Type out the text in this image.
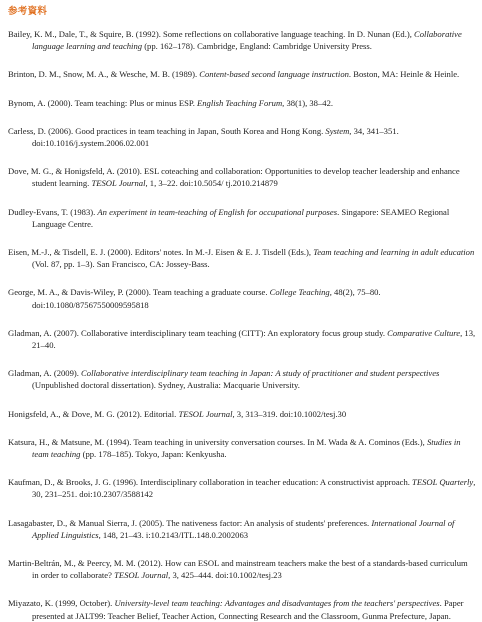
参考資料
Bailey, K. M., Dale, T., & Squire, B. (1992). Some reflections on collaborative language teaching. In D. Nunan (Ed.), Collaborative language learning and teaching (pp. 162–178). Cambridge, England: Cambridge University Press.
Brinton, D. M., Snow, M. A., & Wesche, M. B. (1989). Content-based second language instruction. Boston, MA: Heinle & Heinle.
Bynom, A. (2000). Team teaching: Plus or minus ESP. English Teaching Forum, 38(1), 38–42.
Carless, D. (2006). Good practices in team teaching in Japan, South Korea and Hong Kong. System, 34, 341–351. doi:10.1016/j.system.2006.02.001
Dove, M. G., & Honigsfeld, A. (2010). ESL coteaching and collaboration: Opportunities to develop teacher leadership and enhance student learning. TESOL Journal, 1, 3–22. doi:10.5054/ tj.2010.214879
Dudley-Evans, T. (1983). An experiment in team-teaching of English for occupational purposes. Singapore: SEAMEO Regional Language Centre.
Eisen, M.-J., & Tisdell, E. J. (2000). Editors' notes. In M.-J. Eisen & E. J. Tisdell (Eds.), Team teaching and learning in adult education (Vol. 87, pp. 1–3). San Francisco, CA: Jossey-Bass.
George, M. A., & Davis-Wiley, P. (2000). Team teaching a graduate course. College Teaching, 48(2), 75–80. doi:10.1080/87567550009595818
Gladman, A. (2007). Collaborative interdisciplinary team teaching (CITT): An exploratory focus group study. Comparative Culture, 13, 21–40.
Gladman, A. (2009). Collaborative interdisciplinary team teaching in Japan: A study of practitioner and student perspectives (Unpublished doctoral dissertation). Sydney, Australia: Macquarie University.
Honigsfeld, A., & Dove, M. G. (2012). Editorial. TESOL Journal, 3, 313–319. doi:10.1002/tesj.30
Katsura, H., & Matsune, M. (1994). Team teaching in university conversation courses. In M. Wada & A. Cominos (Eds.), Studies in team teaching (pp. 178–185). Tokyo, Japan: Kenkyusha.
Kaufman, D., & Brooks, J. G. (1996). Interdisciplinary collaboration in teacher education: A constructivist approach. TESOL Quarterly, 30, 231–251. doi:10.2307/3588142
Lasagabaster, D., & Manual Sierra, J. (2005). The nativeness factor: An analysis of students' preferences. International Journal of Applied Linguistics, 148, 21–43. i:10.2143/ITL.148.0.2002063
Martin-Beltrán, M., & Peercy, M. M. (2012). How can ESOL and mainstream teachers make the best of a standards-based curriculum in order to collaborate? TESOL Journal, 3, 425–444. doi:10.1002/tesj.23
Miyazato, K. (1999, October). University-level team teaching: Advantages and disadvantages from the teachers' perspectives. Paper presented at JALT99: Teacher Belief, Teacher Action, Connecting Research and the Classroom, Gunma Prefecture, Japan.
